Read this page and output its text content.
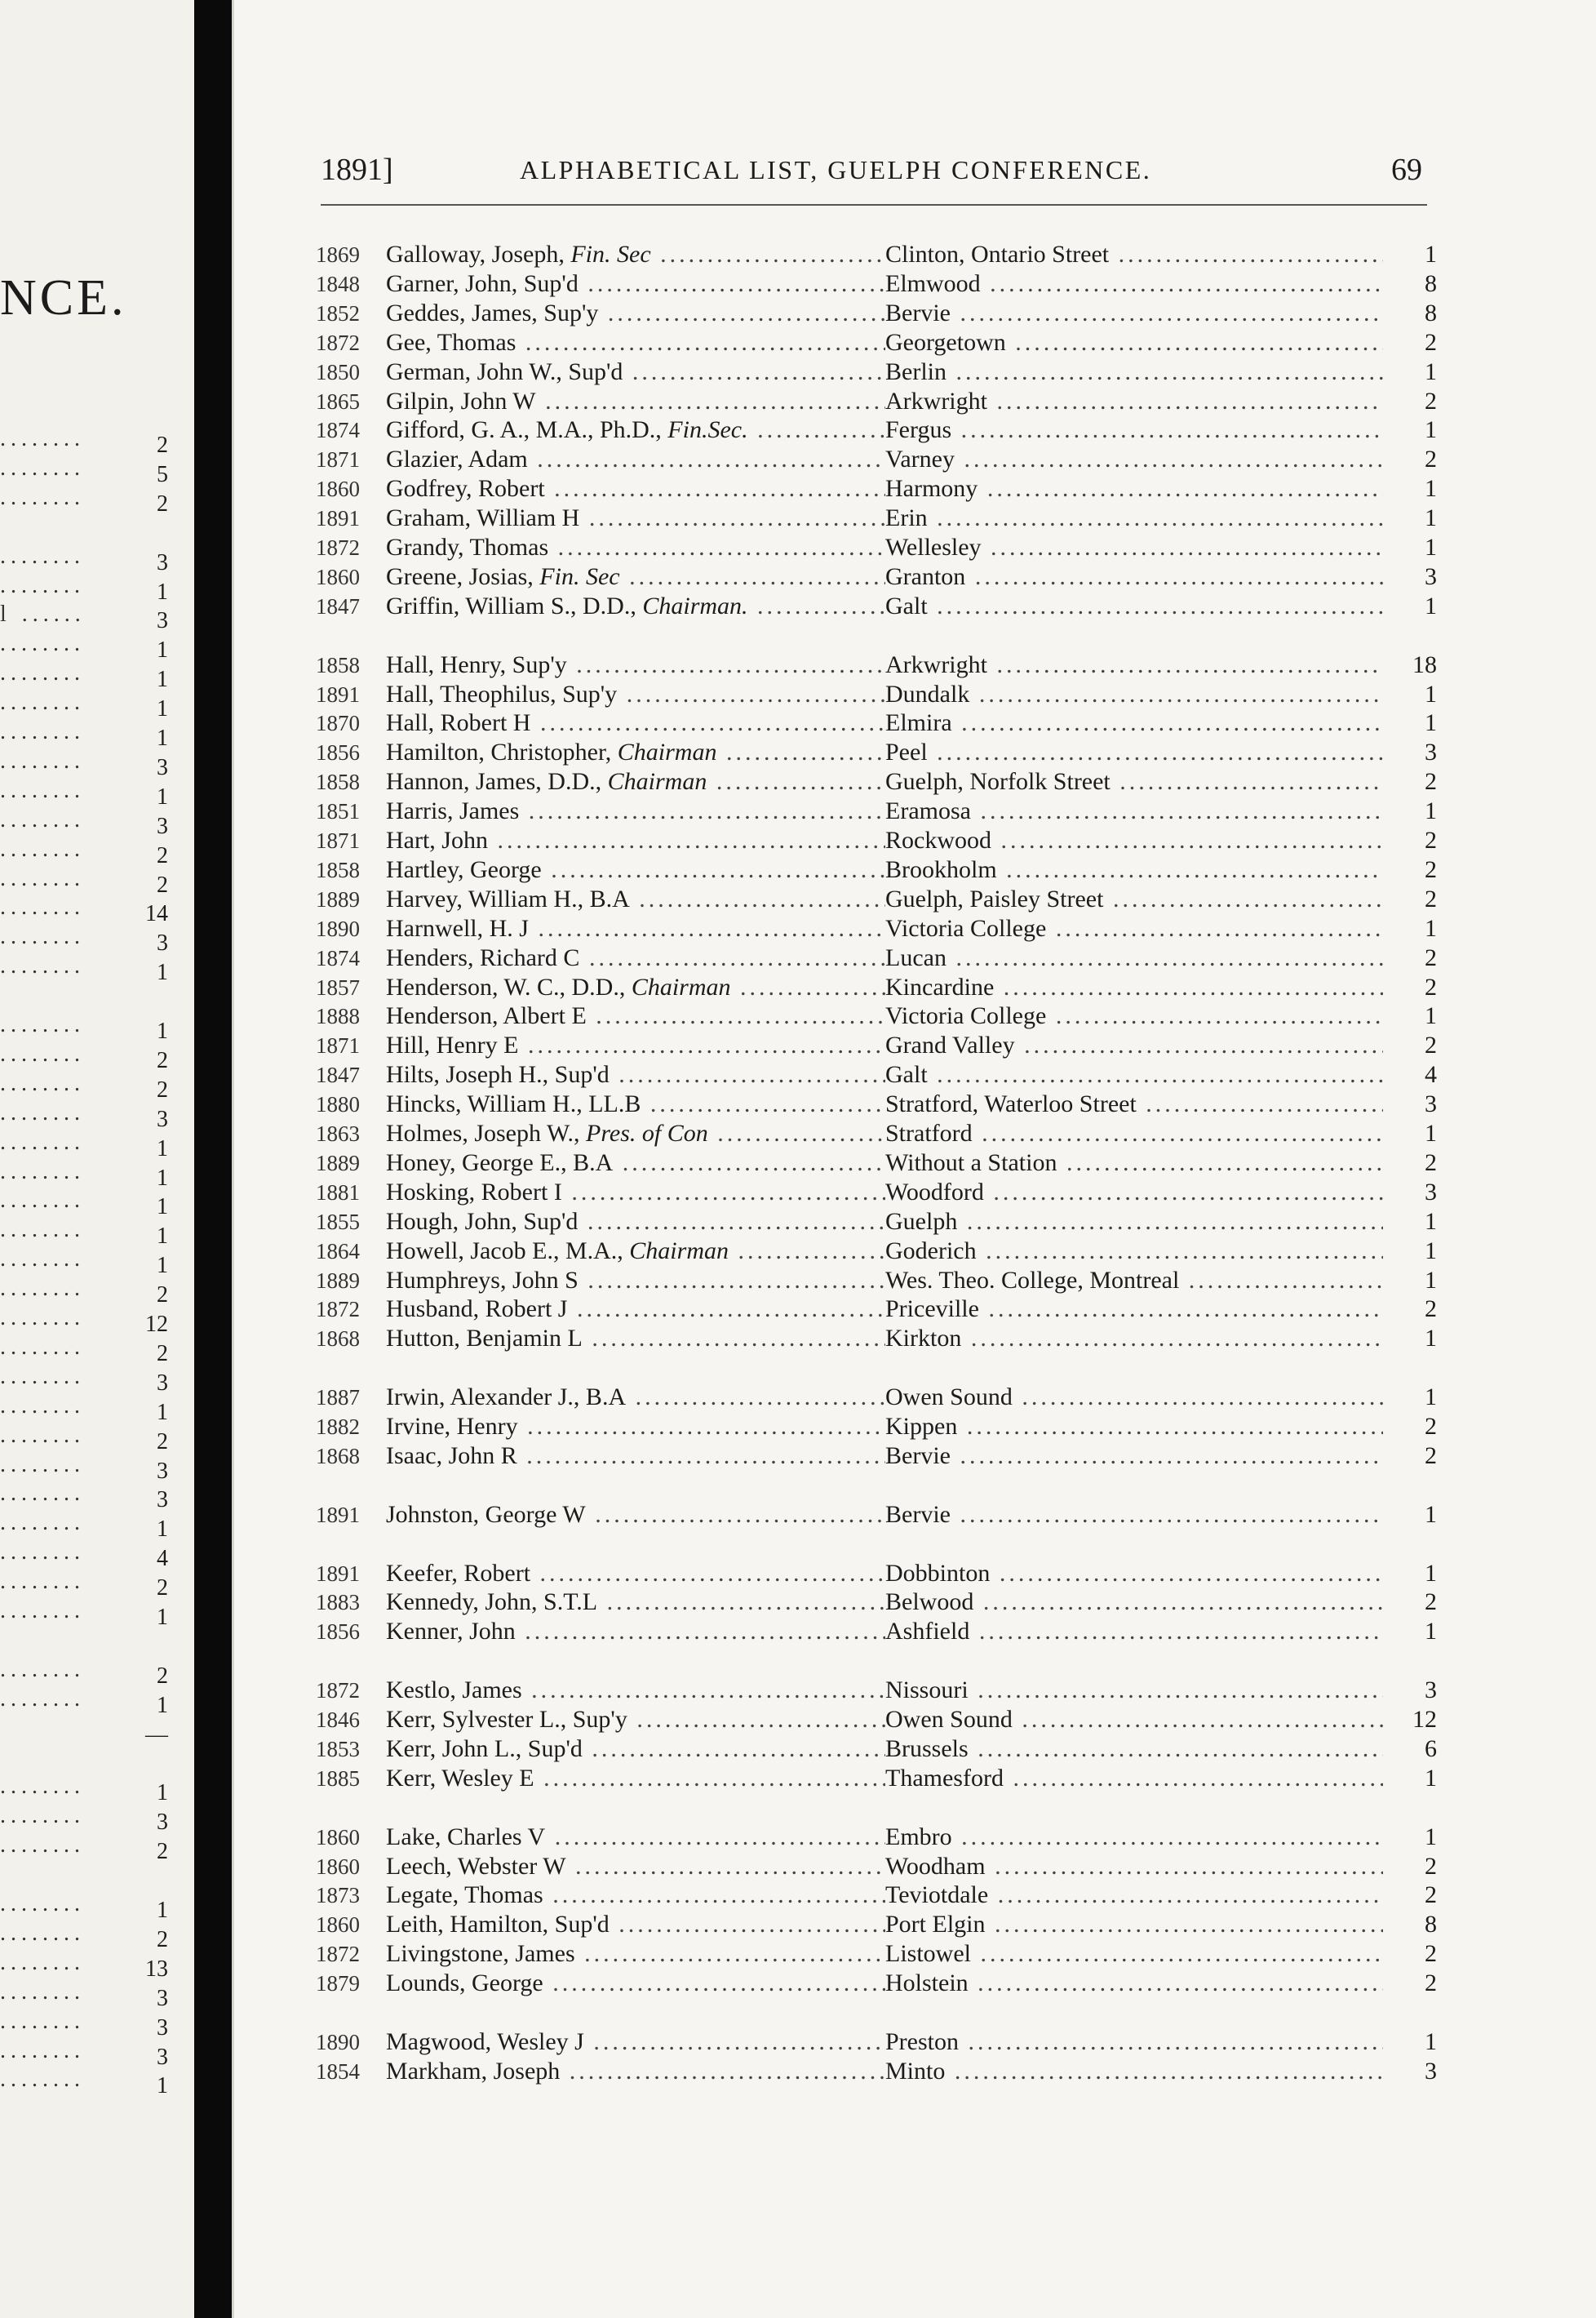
NCE.
........	2
........	5
........	2
........	3
........	1
l ......	3
........	1
........	1
........	1
........	1
........	3
........	1
........	3
........	2
........	2
........	14
........	3
........	1
........	1
........	2
........	2
........	3
........	1
........	1
........	1
........	1
........	1
........	2
........	12
........	2
........	3
........	1
........	2
........	3
........	3
........	1
........	4
........	2
........	1
........	2
........	1
—
........	1
........	3
........	2
........	1
........	2
........	13
........	3
........	3
........	3
........	1
1891]	ALPHABETICAL LIST, GUELPH CONFERENCE.	69
1869	Galloway, Joseph, Fin. Sec .....	Clinton, Ontario Street .....	1
1848	Garner, John, Sup'd .....	Elmwood .....	8
1852	Geddes, James, Sup'y .....	Bervie .....	8
1872	Gee, Thomas .....	Georgetown .....	2
1850	German, John W., Sup'd .....	Berlin .....	1
1865	Gilpin, John W .....	Arkwright .....	2
1874	Gifford, G. A., M.A., Ph.D., Fin.Sec. .....	Fergus .....	1
1871	Glazier, Adam .....	Varney .....	2
1860	Godfrey, Robert .....	Harmony .....	1
1891	Graham, William H .....	Erin .....	1
1872	Grandy, Thomas .....	Wellesley .....	1
1860	Greene, Josias, Fin. Sec .....	Granton .....	3
1847	Griffin, William S., D.D., Chairman. .....	Galt .....	1
1858	Hall, Henry, Sup'y .....	Arkwright .....	18
1891	Hall, Theophilus, Sup'y .....	Dundalk .....	1
1870	Hall, Robert H .....	Elmira .....	1
1856	Hamilton, Christopher, Chairman .....	Peel .....	3
1858	Hannon, James, D.D., Chairman .....	Guelph, Norfolk Street .....	2
1851	Harris, James .....	Eramosa .....	1
1871	Hart, John .....	Rockwood .....	2
1858	Hartley, George .....	Brookholm .....	2
1889	Harvey, William H., B.A .....	Guelph, Paisley Street .....	2
1890	Harnwell, H. J .....	Victoria College .....	1
1874	Henders, Richard C .....	Lucan .....	2
1857	Henderson, W. C., D.D., Chairman .....	Kincardine .....	2
1888	Henderson, Albert E .....	Victoria College .....	1
1871	Hill, Henry E .....	Grand Valley .....	2
1847	Hilts, Joseph H., Sup'd .....	Galt .....	4
1880	Hincks, William H., LL.B .....	Stratford, Waterloo Street .....	3
1863	Holmes, Joseph W., Pres. of Con .....	Stratford .....	1
1889	Honey, George E., B.A .....	Without a Station .....	2
1881	Hosking, Robert I .....	Woodford .....	3
1855	Hough, John, Sup'd .....	Guelph .....	1
1864	Howell, Jacob E., M.A., Chairman .....	Goderich .....	1
1889	Humphreys, John S .....	Wes. Theo. College, Montreal .....	1
1872	Husband, Robert J .....	Priceville .....	2
1868	Hutton, Benjamin L .....	Kirkton .....	1
1887	Irwin, Alexander J., B.A .....	Owen Sound .....	1
1882	Irvine, Henry .....	Kippen .....	2
1868	Isaac, John R .....	Bervie .....	2
1891	Johnston, George W .....	Bervie .....	1
1891	Keefer, Robert .....	Dobbinton .....	1
1883	Kennedy, John, S.T.L .....	Belwood .....	2
1856	Kenner, John .....	Ashfield .....	1
1872	Kestlo, James .....	Nissouri .....	3
1846	Kerr, Sylvester L., Sup'y .....	Owen Sound .....	12
1853	Kerr, John L., Sup'd .....	Brussels .....	6
1885	Kerr, Wesley E .....	Thamesford .....	1
1860	Lake, Charles V .....	Embro .....	1
1860	Leech, Webster W .....	Woodham .....	2
1873	Legate, Thomas .....	Teviotdale .....	2
1860	Leith, Hamilton, Sup'd .....	Port Elgin .....	8
1872	Livingstone, James .....	Listowel .....	2
1879	Lounds, George .....	Holstein .....	2
1890	Magwood, Wesley J .....	Preston .....	1
1854	Markham, Joseph .....	Minto .....	3
